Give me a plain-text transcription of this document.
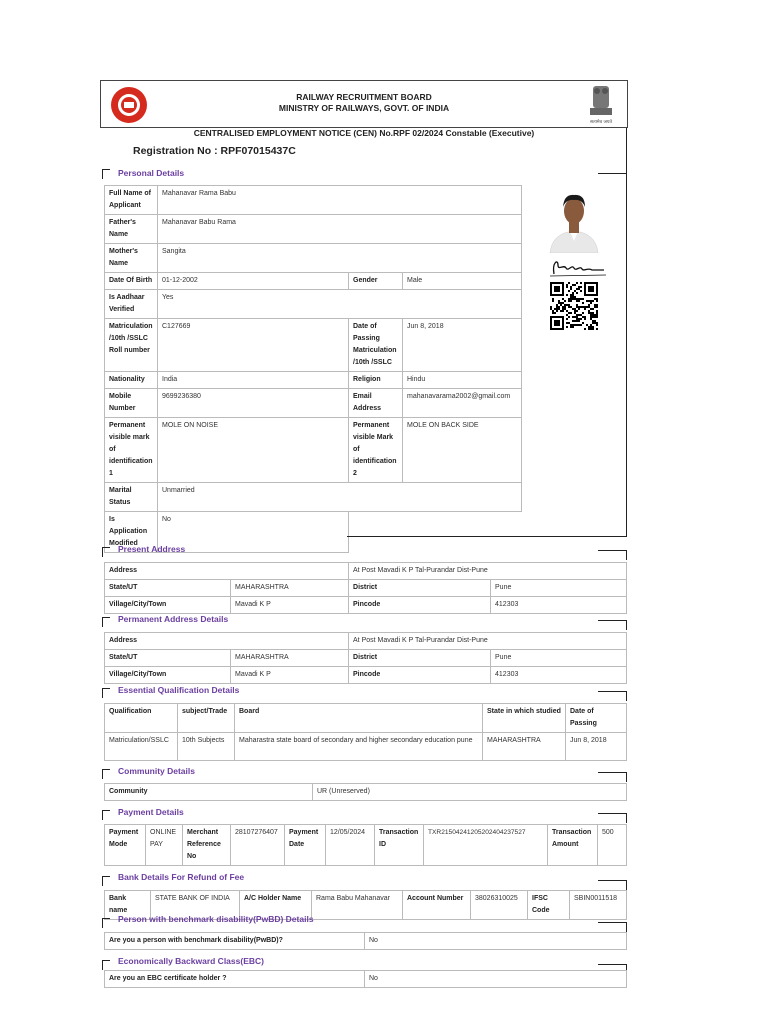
RAILWAY RECRUITMENT BOARD
MINISTRY OF RAILWAYS, GOVT. OF INDIA
सत्यमेव जयते
CENTRALISED EMPLOYMENT NOTICE (CEN) No.RPF 02/2024 Constable (Executive)
Registration No : RPF07015437C
Personal Details
Full Name of Applicant	Mahanavar Rama Babu		
Father's Name	Mahanavar Babu Rama		
Mother's Name	Sangita		
Date Of Birth	01-12-2002	Gender	Male
Is Aadhaar Verified	Yes		
Matriculation /10th /SSLC Roll number	C127669	Date of Passing Matriculation /10th /SSLC	Jun 8, 2018
Nationality	India	Religion	Hindu
Mobile Number	9699236380	Email Address	mahanavarama2002@gmail.com
Permanent visible mark of identification 1	MOLE ON NOISE	Permanent visible Mark of identification 2	MOLE ON BACK SIDE
Marital Status	Unmarried		
Is Application Modified	No		
Present Address
Address		At Post Mavadi K P Tal-Purandar Dist-Pune	
State/UT	MAHARASHTRA	District	Pune
Village/City/Town	Mavadi K P	Pincode	412303
Permanent Address Details
Address		At Post Mavadi K P Tal-Purandar Dist-Pune	
State/UT	MAHARASHTRA	District	Pune
Village/City/Town	Mavadi K P	Pincode	412303
Essential Qualification Details
Qualification	subject/Trade	Board	State in which studied	Date of Passing
Matriculation/SSLC	10th Subjects	Maharastra state board of secondary and higher secondary education pune	MAHARASHTRA	Jun 8, 2018
Community Details
Community	UR (Unreserved)
Payment Details
Payment Mode	ONLINE PAY	Merchant Reference No	28107276407	Payment Date	12/05/2024	Transaction ID	TXR2150424120520240423752​7	Transaction Amount	500
Bank Details For Refund of Fee
Bank name	STATE BANK OF INDIA	A/C Holder Name	Rama Babu Mahanavar	Account Number	38026310025	IFSC Code	SBIN0011518
Person with benchmark disability(PwBD) Details
Are you a person with benchmark disability(PwBD)?	No
Economically Backward Class(EBC)
Are you an EBC certificate holder ?	No
